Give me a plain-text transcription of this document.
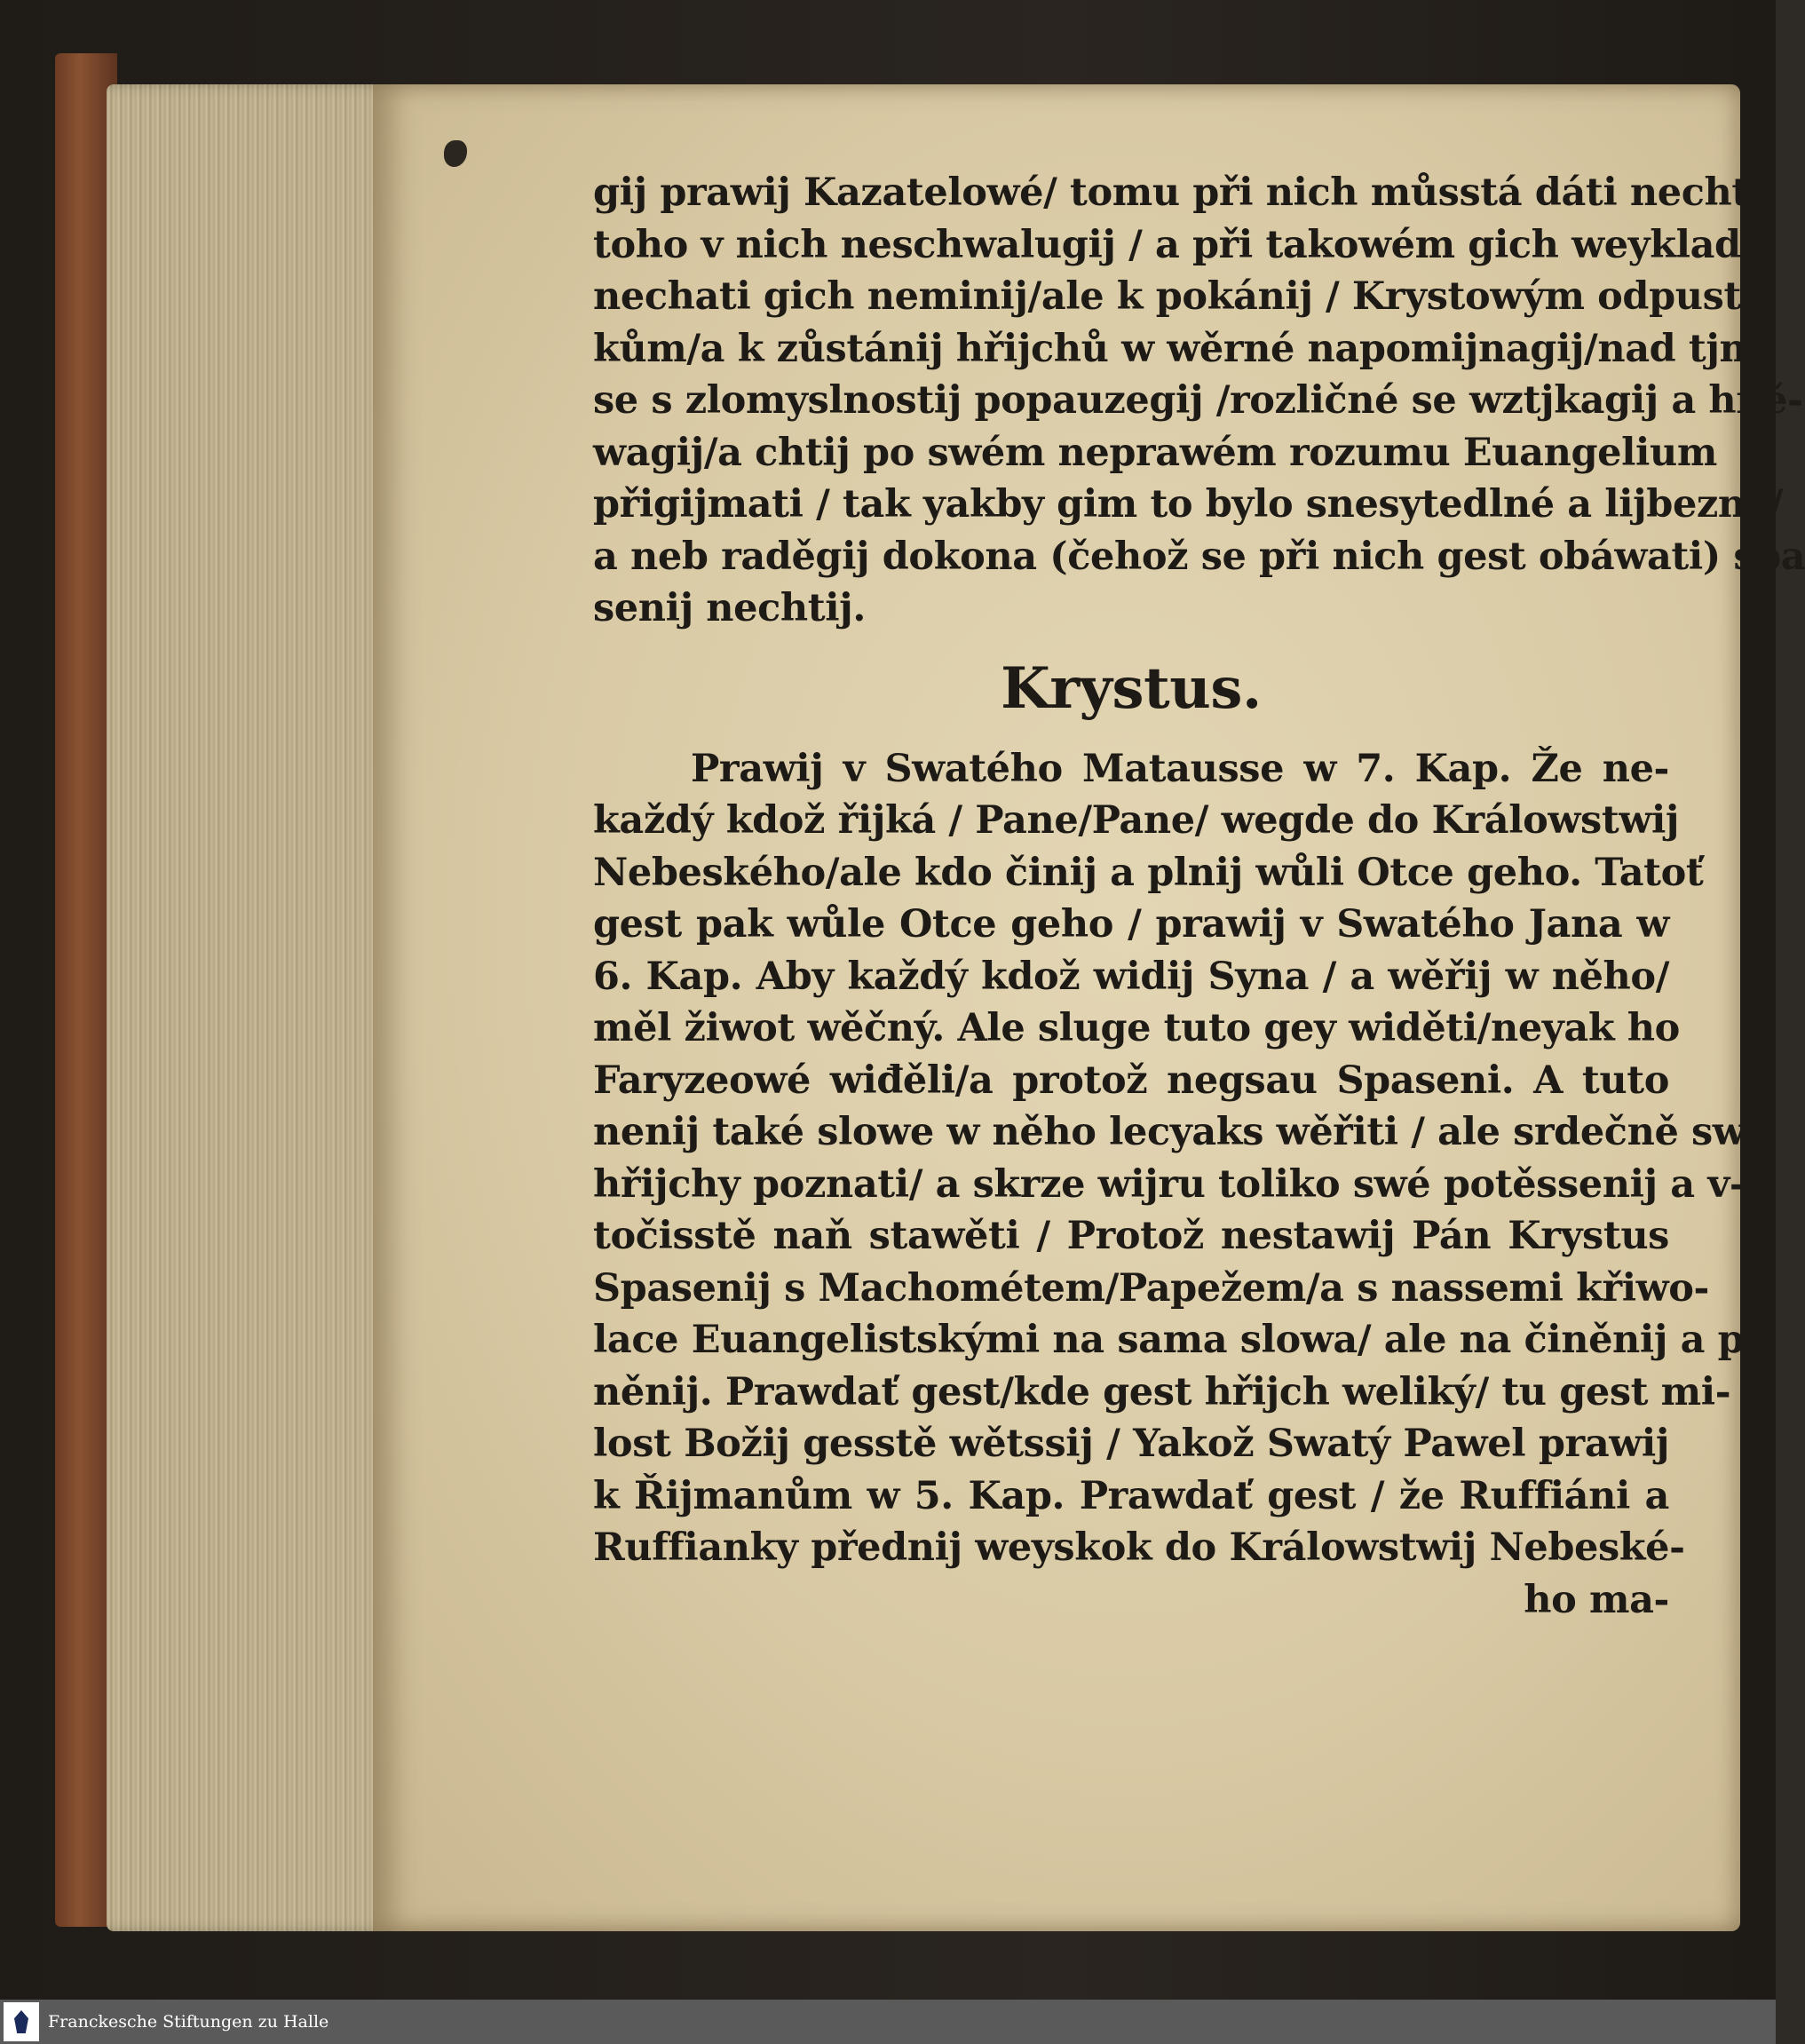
gij prawij Kazatelowé/ tomu při nich můsstá dáti nechtj
toho v nich neschwalugij / a při takowém gich weykladu
nechati gich neminij/ale k pokánij / Krystowým odpust-
kům/a k zůstánij hřijchů w wěrné napomijnagij/nad tjm
se s zlomyslnostij popauzegij /rozličné se wztjkagij a hně-
wagij/a chtij po swém neprawém rozumu Euangelium
přigijmati / tak yakby gim to bylo snesytedlné a lijbezné/
a neb raděgij dokona (čehož se při nich gest obáwati) spa
senij nechtij.
Krystus.
Prawij v Swatého Matausse w 7. Kap. Že ne-
každý kdož řijká / Pane/Pane/ wegde do Králowstwij
Nebeského/ale kdo činij a plnij wůli Otce geho. Tatoť
gest pak wůle Otce geho / prawij v Swatého Jana w
6. Kap. Aby každý kdož widij Syna / a wěřij w něho/
měl žiwot wěčný. Ale sluge tuto gey widěti/neyak ho
Faryzeowé wiđěli/a protož negsau Spaseni. A tuto
nenij také slowe w něho lecyaks wěřiti / ale srdečně swé
hřijchy poznati/ a skrze wijru toliko swé potěssenij a v-
točisstě naň stawěti / Protož nestawij Pán Krystus
Spasenij s Machométem/Papežem/a s nassemi křiwo-
lace Euangelistskými na sama slowa/ ale na činěnij a pl-
něnij. Prawdať gest/kde gest hřijch weliký/ tu gest mi-
lost Božij gesstě wětssij / Yakož Swatý Pawel prawij
k Řijmanům w 5. Kap. Prawdať gest / že Ruffiáni a
Ruffianky přednij weyskok do Králowstwij Nebeské-
ho ma-
Franckesche Stiftungen zu Halle
